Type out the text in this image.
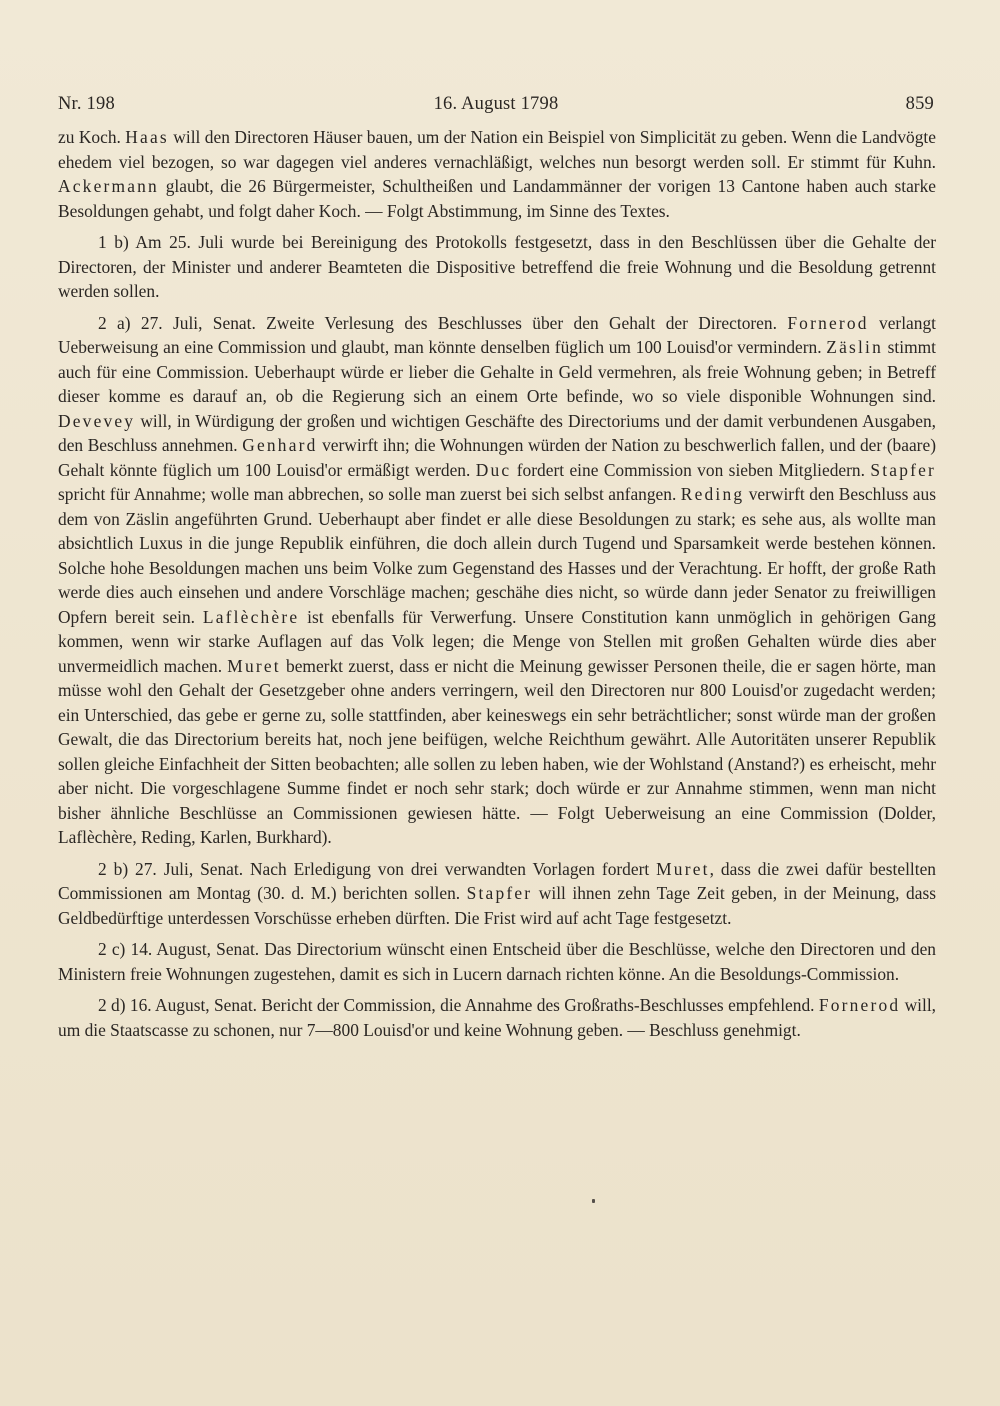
Nr. 198	16. August 1798	859

zu Koch. Haas will den Directoren Häuser bauen, um der Nation ein Beispiel von Simplicität zu geben. Wenn die Landvögte ehedem viel bezogen, so war dagegen viel anderes vernachläßigt, welches nun besorgt werden soll. Er stimmt für Kuhn. Ackermann glaubt, die 26 Bürgermeister, Schultheißen und Landammänner der vorigen 13 Cantone haben auch starke Besoldungen gehabt, und folgt daher Koch. — Folgt Abstimmung, im Sinne des Textes.

1 b) Am 25. Juli wurde bei Bereinigung des Protokolls festgesetzt, dass in den Beschlüssen über die Gehalte der Directoren, der Minister und anderer Beamteten die Dispositive betreffend die freie Wohnung und die Besoldung getrennt werden sollen.

2 a) 27. Juli, Senat. Zweite Verlesung des Beschlusses über den Gehalt der Directoren. Fornerod verlangt Ueberweisung an eine Commission und glaubt, man könnte denselben füglich um 100 Louisd'or vermindern. Zäslin stimmt auch für eine Commission. Ueberhaupt würde er lieber die Gehalte in Geld vermehren, als freie Wohnung geben; in Betreff dieser komme es darauf an, ob die Regierung sich an einem Orte befinde, wo so viele disponible Wohnungen sind. Devevey will, in Würdigung der großen und wichtigen Geschäfte des Directoriums und der damit verbundenen Ausgaben, den Beschluss annehmen. Genhard verwirft ihn; die Wohnungen würden der Nation zu beschwerlich fallen, und der (baare) Gehalt könnte füglich um 100 Louisd'or ermäßigt werden. Duc fordert eine Commission von sieben Mitgliedern. Stapfer spricht für Annahme; wolle man abbrechen, so solle man zuerst bei sich selbst anfangen. Reding verwirft den Beschluss aus dem von Zäslin angeführten Grund. Ueberhaupt aber findet er alle diese Besoldungen zu stark; es sehe aus, als wollte man absichtlich Luxus in die junge Republik einführen, die doch allein durch Tugend und Sparsamkeit werde bestehen können. Solche hohe Besoldungen machen uns beim Volke zum Gegenstand des Hasses und der Verachtung. Er hofft, der große Rath werde dies auch einsehen und andere Vorschläge machen; geschähe dies nicht, so würde dann jeder Senator zu freiwilligen Opfern bereit sein. Laflèchère ist ebenfalls für Verwerfung. Unsere Constitution kann unmöglich in gehörigen Gang kommen, wenn wir starke Auflagen auf das Volk legen; die Menge von Stellen mit großen Gehalten würde dies aber unvermeidlich machen. Muret bemerkt zuerst, dass er nicht die Meinung gewisser Personen theile, die er sagen hörte, man müsse wohl den Gehalt der Gesetzgeber ohne anders verringern, weil den Directoren nur 800 Louisd'or zugedacht werden; ein Unterschied, das gebe er gerne zu, solle stattfinden, aber keineswegs ein sehr beträchtlicher; sonst würde man der großen Gewalt, die das Directorium bereits hat, noch jene beifügen, welche Reichthum gewährt. Alle Autoritäten unserer Republik sollen gleiche Einfachheit der Sitten beobachten; alle sollen zu leben haben, wie der Wohlstand (Anstand?) es erheischt, mehr aber nicht. Die vorgeschlagene Summe findet er noch sehr stark; doch würde er zur Annahme stimmen, wenn man nicht bisher ähnliche Beschlüsse an Commissionen gewiesen hätte. — Folgt Ueberweisung an eine Commission (Dolder, Laflèchère, Reding, Karlen, Burkhard).

2 b) 27. Juli, Senat. Nach Erledigung von drei verwandten Vorlagen fordert Muret, dass die zwei dafür bestellten Commissionen am Montag (30. d. M.) berichten sollen. Stapfer will ihnen zehn Tage Zeit geben, in der Meinung, dass Geldbedürftige unterdessen Vorschüsse erheben dürften. Die Frist wird auf acht Tage festgesetzt.

2 c) 14. August, Senat. Das Directorium wünscht einen Entscheid über die Beschlüsse, welche den Directoren und den Ministern freie Wohnungen zugestehen, damit es sich in Lucern darnach richten könne. An die Besoldungs-Commission.

2 d) 16. August, Senat. Bericht der Commission, die Annahme des Großraths-Beschlusses empfehlend. Fornerod will, um die Staatscasse zu schonen, nur 7—800 Louisd'or und keine Wohnung geben. — Beschluss genehmigt.
